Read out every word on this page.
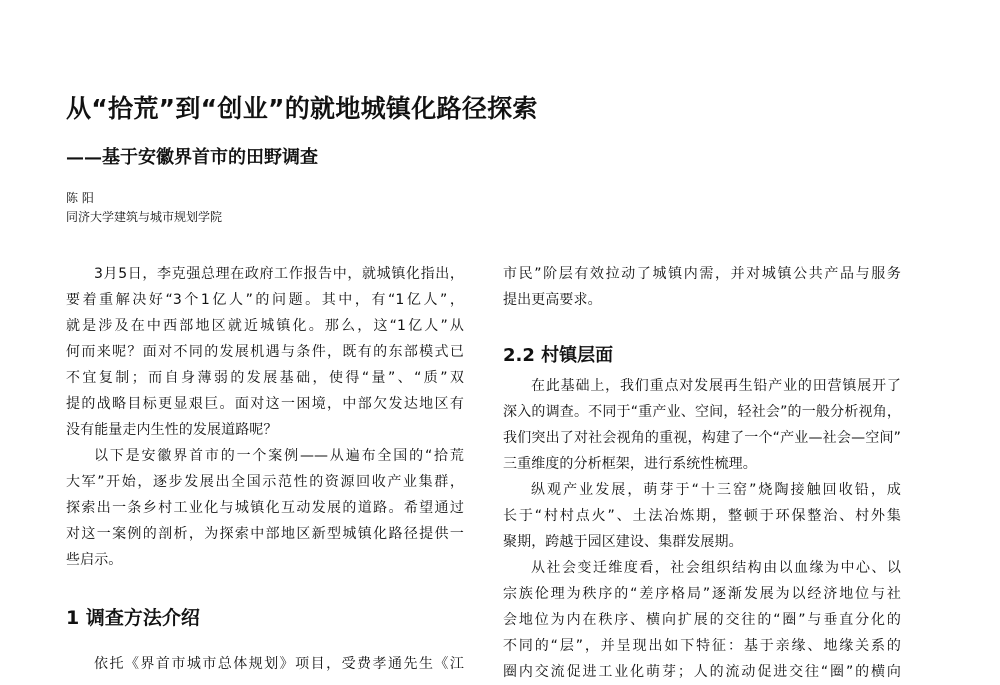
从“拾荒”到“创业”的就地城镇化路径探索
——基于安徽界首市的田野调查
陈 阳
同济大学建筑与城市规划学院
3月5日，李克强总理在政府工作报告中，就城镇化指出，
要着重解决好“3个1亿人”的问题。其中，有“1亿人”，
就是涉及在中西部地区就近城镇化。那么，这“1亿人”从
何而来呢？面对不同的发展机遇与条件，既有的东部模式已
不宜复制；而自身薄弱的发展基础，使得“量”、“质”双
提的战略目标更显艰巨。面对这一困境，中部欠发达地区有
没有能量走内生性的发展道路呢？
以下是安徽界首市的一个案例——从遍布全国的“拾荒
大军”开始，逐步发展出全国示范性的资源回收产业集群，
探索出一条乡村工业化与城镇化互动发展的道路。希望通过
对这一案例的剖析，为探索中部地区新型城镇化路径提供一
些启示。
1 调查方法介绍
依托《界首市城市总体规划》项目，受费孝通先生《江
市民”阶层有效拉动了城镇内需，并对城镇公共产品与服务
提出更高要求。
2.2 村镇层面
在此基础上，我们重点对发展再生铅产业的田营镇展开了
深入的调查。不同于“重产业、空间，轻社会”的一般分析视角，
我们突出了对社会视角的重视，构建了一个“产业—社会—空间”
三重维度的分析框架，进行系统性梳理。
纵观产业发展，萌芽于“十三窑”烧陶接触回收铅，成
长于“村村点火”、土法冶炼期，整顿于环保整治、村外集
聚期，跨越于园区建设、集群发展期。
从社会变迁维度看，社会组织结构由以血缘为中心、以
宗族伦理为秩序的“差序格局”逐渐发展为以经济地位与社
会地位为内在秩序、横向扩展的交往的“圈”与垂直分化的
不同的“层”，并呈现出如下特征：基于亲缘、地缘关系的
圈内交流促进工业化萌芽；人的流动促进交往“圈”的横向
